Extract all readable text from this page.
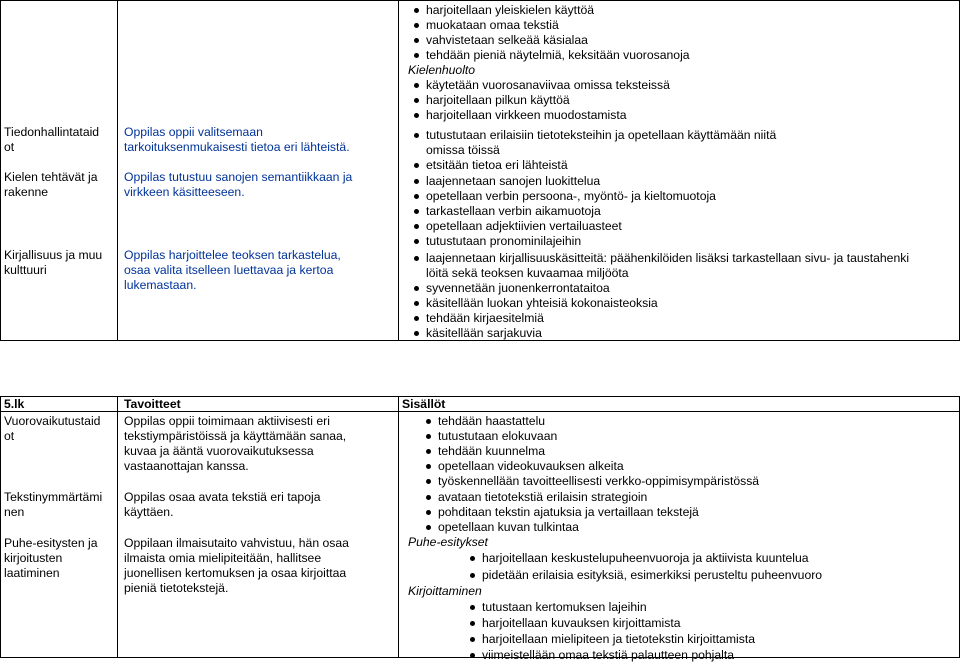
Tiedonhallintataid
ot
Kielen tehtävät ja
rakenne
Kirjallisuus ja muu
kulttuuri
Oppilas oppii valitsemaan
tarkoituksenmukaisesti tietoa eri lähteistä.
Oppilas tutustuu sanojen semantiikkaan ja
virkkeen käsitteeseen.
Oppilas harjoittelee teoksen tarkastelua,
osaa valita itselleen luettavaa ja kertoa
lukemastaan.
harjoitellaan yleiskielen käyttöä
muokataan omaa tekstiä
vahvistetaan selkeää käsialaa
tehdään pieniä näytelmiä, keksitään vuorosanoja
Kielenhuolto
käytetään vuorosanaviivaa omissa teksteissä
harjoitellaan pilkun käyttöä
harjoitellaan virkkeen muodostamista
tutustutaan erilaisiin tietoteksteihin ja opetellaan käyttämään niitä
omissa töissä
etsitään tietoa eri lähteistä
laajennetaan sanojen luokittelua
opetellaan verbin persoona-, myöntö- ja kieltomuotoja
tarkastellaan verbin aikamuotoja
opetellaan adjektiivien vertailuasteet
tutustutaan pronominilajeihin
laajennetaan kirjallisuuskäsitteitä: päähenkilöiden lisäksi tarkastellaan sivu- ja taustahenki
löitä sekä teoksen kuvaamaa miljööta
syvennetään juonenkerrontataitoa
käsitellään luokan yhteisiä kokonaisteoksia
tehdään kirjaesitelmiä
käsitellään sarjakuvia
5.lk	Tavoitteet	Sisällöt
Vuorovaikutustaid
ot
Tekstinymmärtämi
nen
Puhe-esitysten ja
kirjoitusten
laatiminen
Oppilas oppii toimimaan aktiivisesti eri
tekstiympäristöissä ja käyttämään sanaa,
kuvaa ja ääntä vuorovaikutuksessa
vastaanottajan kanssa.
Oppilas osaa avata tekstiä eri tapoja
käyttäen.
Oppilaan ilmaisutaito vahvistuu, hän osaa
ilmaista omia mielipiteitään, hallitsee
juonellisen kertomuksen ja osaa kirjoittaa
pieniä tietotekstejä.
tehdään haastattelu
tutustutaan elokuvaan
tehdään kuunnelma
opetellaan videokuvauksen alkeita
työskennellään tavoitteellisesti verkko-oppimisympäristössä
avataan tietotekstiä erilaisin strategioin
pohditaan tekstin ajatuksia ja vertaillaan tekstejä
opetellaan kuvan tulkintaa
Puhe-esitykset
harjoitellaan keskustelupuheenvuoroja ja aktiivista kuuntelua
pidetään erilaisia esityksiä, esimerkiksi perusteltu puheenvuoro
Kirjoittaminen
tutustaan kertomuksen lajeihin
harjoitellaan kuvauksen kirjoittamista
harjoitellaan mielipiteen ja tietotekstin kirjoittamista
viimeistellään omaa tekstiä palautteen pohjalta
